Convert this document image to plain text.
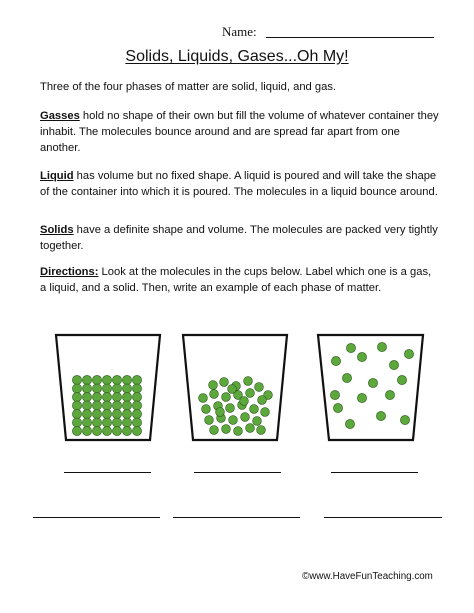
Name:
Solids, Liquids, Gases...Oh My!
Three of the four phases of matter are solid, liquid, and gas.
Gasses hold no shape of their own but fill the volume of whatever container they inhabit. The molecules bounce around and are spread far apart from one another.
Liquid has volume but no fixed shape. A liquid is poured and will take the shape of the container into which it is poured. The molecules in a liquid bounce around.
Solids have a definite shape and volume. The molecules are packed very tightly together.
Directions: Look at the molecules in the cups below. Label which one is a gas, a liquid, and a solid. Then, write an example of each phase of matter.
©www.HaveFunTeaching.com
